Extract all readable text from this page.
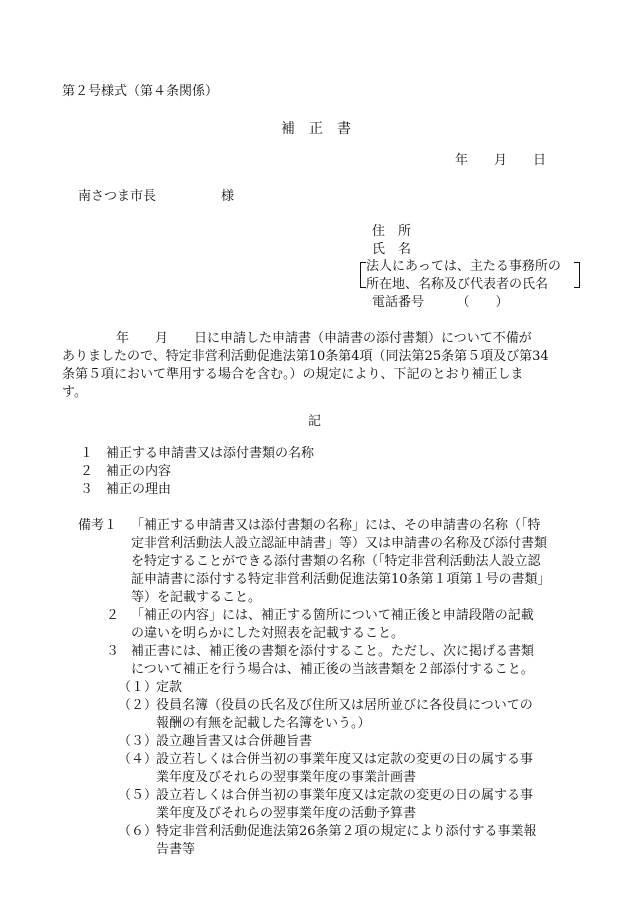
第２号様式（第４条関係）
補　正　書
年　　月　　日
南さつま市長　　　　　様
住　所
氏　名
法人にあっては、主たる事務所の
所在地、名称及び代表者の氏名
電話番号　　　（　　）
年　　月　　日に申請した申請書（申請書の添付書類）について不備が
ありましたので、特定非営利活動促進法第10条第4項（同法第25条第５項及び第34
条第５項において準用する場合を含む。）の規定により、下記のとおり補正しま
す。
記
１　補正する申請書又は添付書類の名称
２　補正の内容
３　補正の理由
備考１ 「補正する申請書又は添付書類の名称」には、その申請書の名称（「特
定非営利活動法人設立認証申請書」等）又は申請書の名称及び添付書類
を特定することができる添付書類の名称（「特定非営利活動法人設立認
証申請書に添付する特定非営利活動促進法第10条第１項第１号の書類」
等）を記載すること。
２ 「補正の内容」には、補正する箇所について補正後と申請段階の記載
の違いを明らかにした対照表を記載すること。
３ 補正書には、補正後の書類を添付すること。ただし、次に掲げる書類
について補正を行う場合は、補正後の当該書類を２部添付すること。
（１）
定款
（２）
役員名簿（役員の氏名及び住所又は居所並びに各役員についての
報酬の有無を記載した名簿をいう。）
（３）
設立趣旨書又は合併趣旨書
（４）
設立若しくは合併当初の事業年度又は定款の変更の日の属する事
業年度及びそれらの翌事業年度の事業計画書
（５）
設立若しくは合併当初の事業年度又は定款の変更の日の属する事
業年度及びそれらの翌事業年度の活動予算書
（６）
特定非営利活動促進法第26条第２項の規定により添付する事業報
告書等
